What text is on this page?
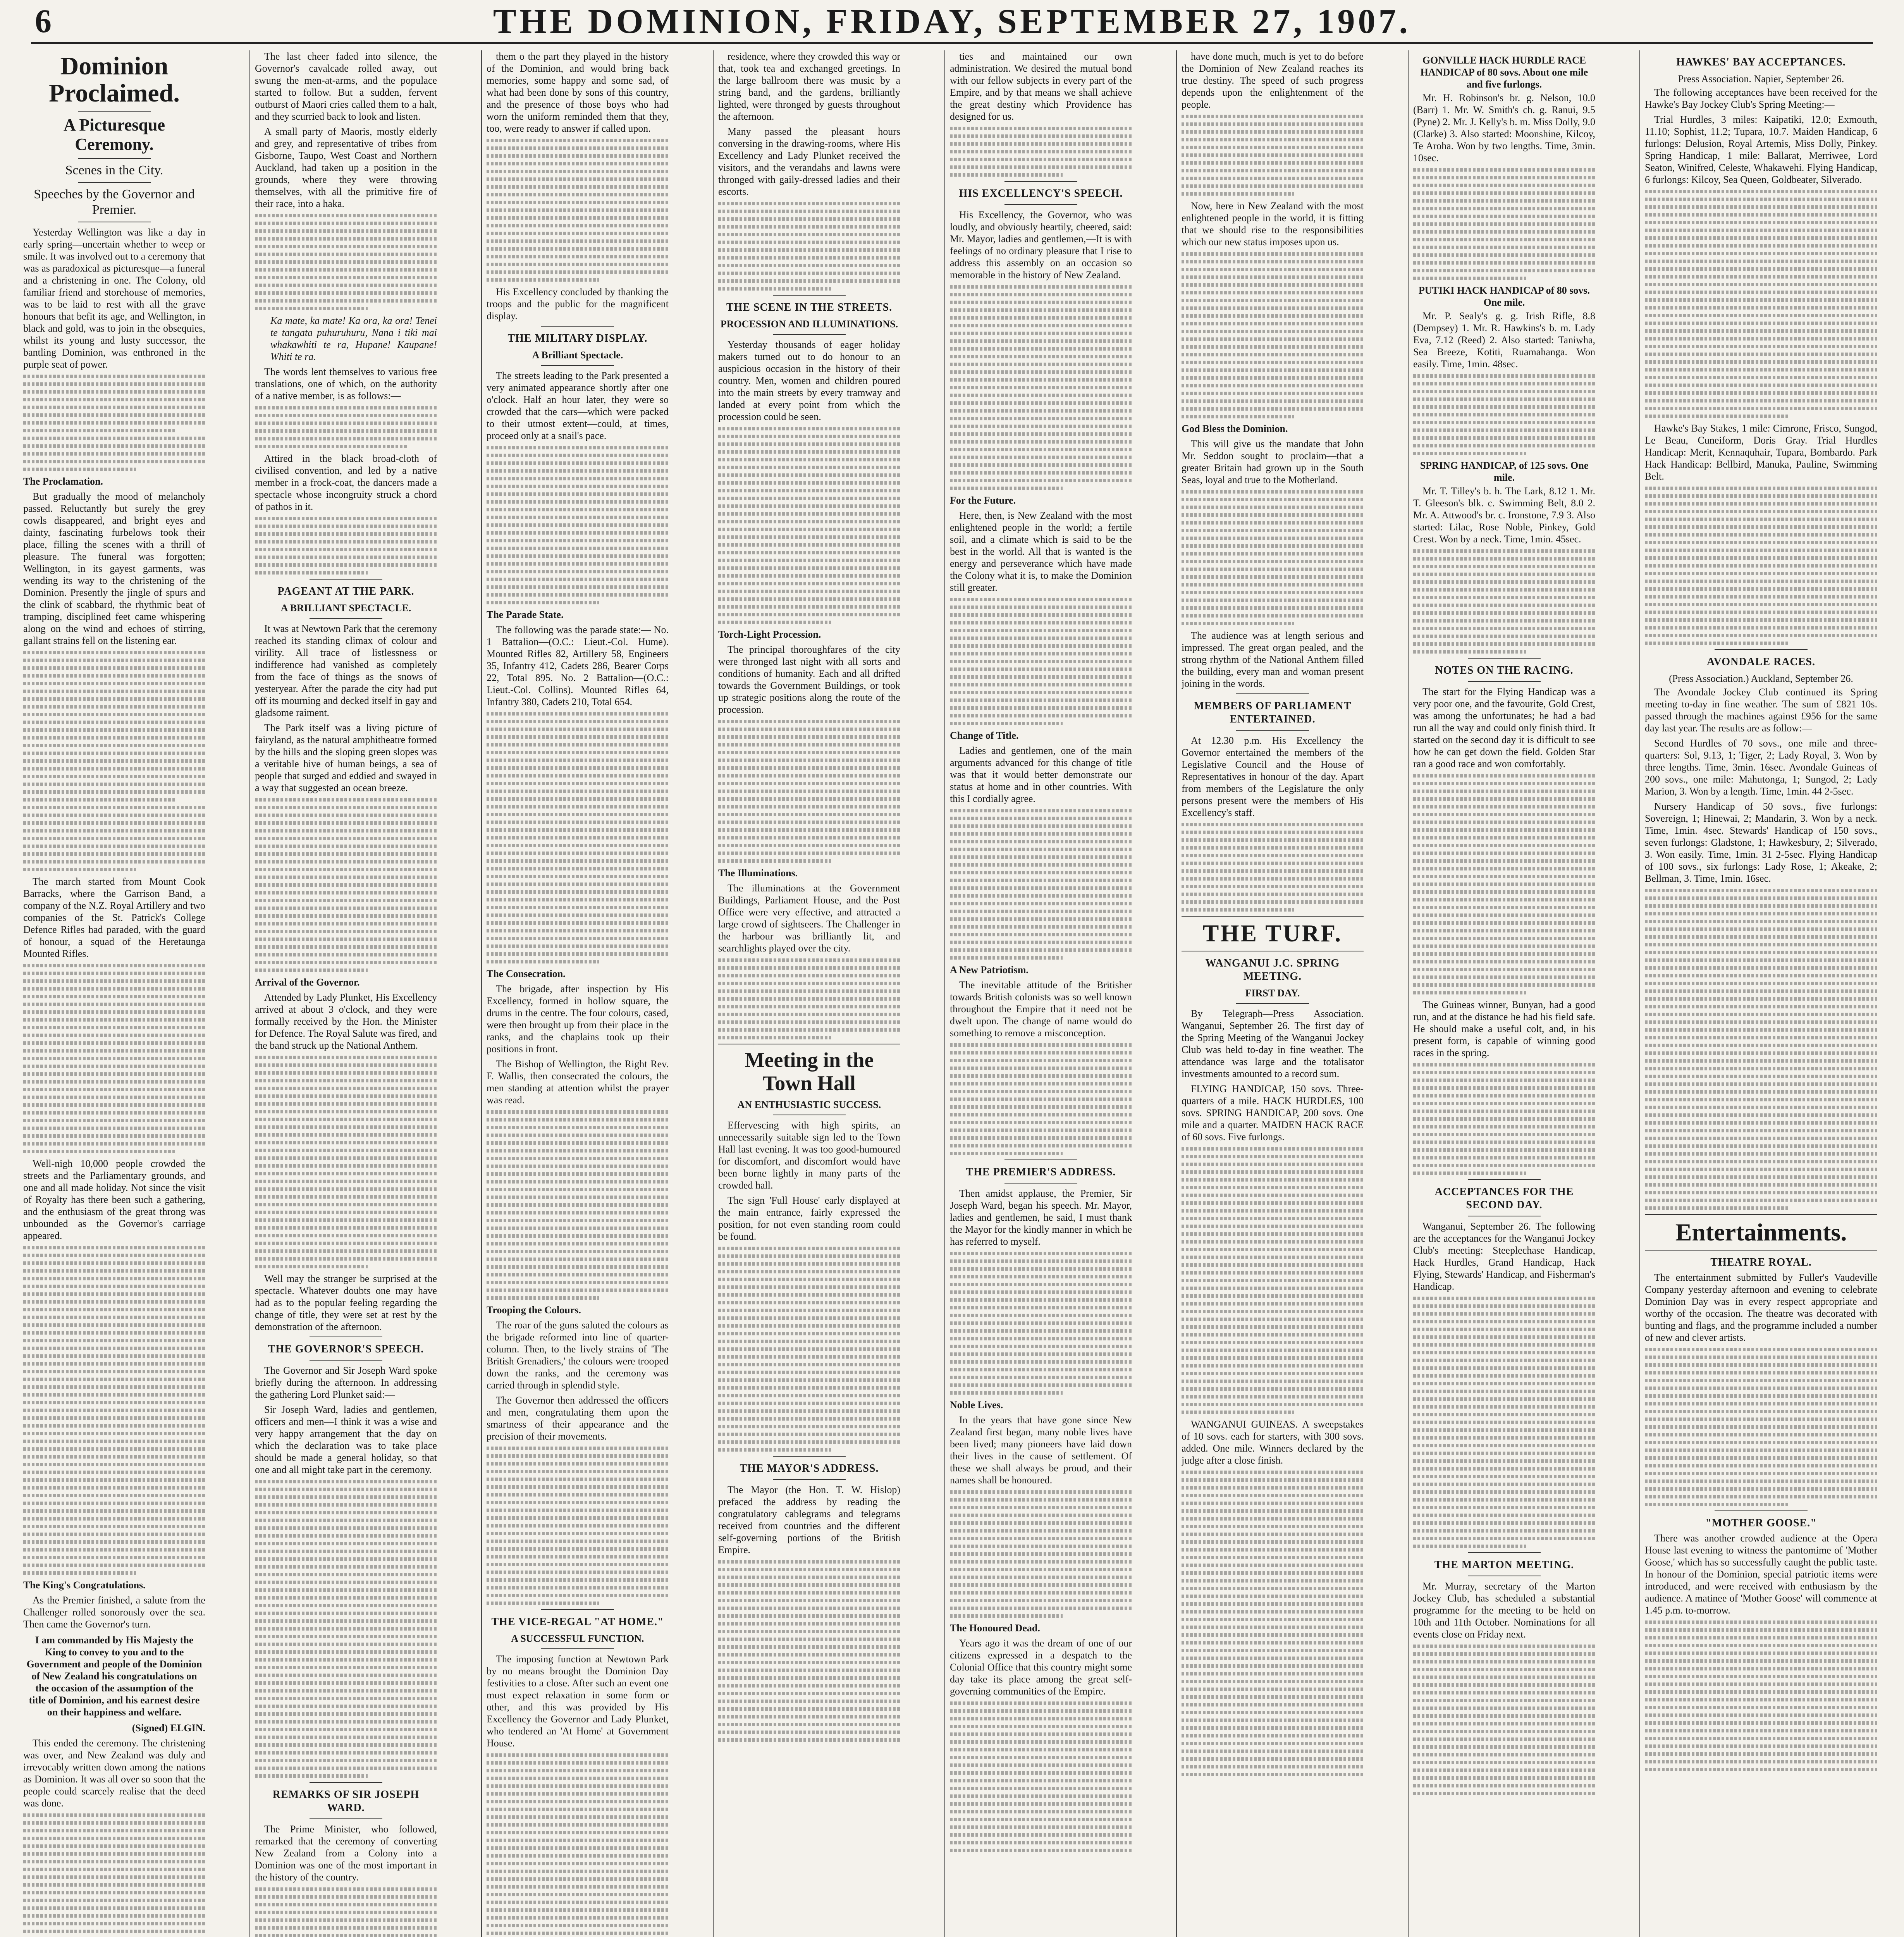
6	THE DOMINION, FRIDAY, SEPTEMBER 27, 1907.
Dominion Proclaimed.
A Picturesque Ceremony.
Scenes in the City.
Speeches by the Governor and Premier.

Yesterday Wellington was like a day in early spring—uncertain whether to weep or smile. It was involved out to a ceremony that was as paradoxical as picturesque—a funeral and a christening in one. The Colony, old familiar friend and storehouse of memories, was to be laid to rest with all the grave honours that befit its age, and Wellington, in black and gold, was to join in the obsequies, whilst its young and lusty successor, the bantling Dominion, was enthroned in the purple seat of power.

The Proclamation.

But gradually the mood of melancholy passed. Reluctantly but surely the grey cowls disappeared, and bright eyes and dainty, fascinating furbelows took their place, filling the scenes with a thrill of pleasure. The funeral was forgotten; Wellington, in its gayest garments, was wending its way to the christening of the Dominion. Presently the jingle of spurs and the clink of scabbard, the rhythmic beat of tramping, disciplined feet came whispering along on the wind and echoes of stirring, gallant strains fell on the listening ear.

The march started from Mount Cook Barracks, where the Garrison Band, a company of the N.Z. Royal Artillery and two companies of the St. Patrick's College Defence Rifles had paraded, with the guard of honour, a squad of the Heretaunga Mounted Rifles.

Well-nigh 10,000 people crowded the streets and the Parliamentary grounds, and one and all made holiday. Not since the visit of Royalty has there been such a gathering, and the enthusiasm of the great throng was unbounded as the Governor's carriage appeared.

The King's Congratulations.

As the Premier finished, a salute from the Challenger rolled sonorously over the sea. Then came the Governor's turn.

I am commanded by His Majesty the King to convey to you and to the Government and people of the Dominion of New Zealand his congratulations on the occasion of the assumption of the title of Dominion, and his earnest desire on their happiness and welfare.

(Signed) ELGIN.

This ended the ceremony. The christening was over, and New Zealand was duly and irrevocably written down among the nations as Dominion. It was all over so soon that the people could scarcely realise that the deed was done.

The last cheer faded into silence, the Governor's cavalcade rolled away, out swung the men-at-arms, and the populace started to follow. But a sudden, fervent outburst of Maori cries called them to a halt, and they scurried back to look and listen.

A small party of Maoris, mostly elderly and grey, and representative of tribes from Gisborne, Taupo, West Coast and Northern Auckland, had taken up a position in the grounds, where they were throwing themselves, with all the primitive fire of their race, into a haka.

Ka mate, ka mate! Ka ora, ka ora! Tenei te tangata puhuruhuru, Nana i tiki mai whakawhiti te ra, Hupane! Kaupane! Whiti te ra.

The words lent themselves to various free translations, one of which, on the authority of a native member, is as follows:—

Attired in the black broad-cloth of civilised convention, and led by a native member in a frock-coat, the dancers made a spectacle whose incongruity struck a chord of pathos in it.

PAGEANT AT THE PARK.
A BRILLIANT SPECTACLE.

It was at Newtown Park that the ceremony reached its standing climax of colour and virility. All trace of listlessness or indifference had vanished as completely from the face of things as the snows of yesteryear. After the parade the city had put off its mourning and decked itself in gay and gladsome raiment.

The Park itself was a living picture of fairyland, as the natural amphitheatre formed by the hills and the sloping green slopes was a veritable hive of human beings, a sea of people that surged and eddied and swayed in a way that suggested an ocean breeze.

Arrival of the Governor.

Attended by Lady Plunket, His Excellency arrived at about 3 o'clock, and they were formally received by the Hon. the Minister for Defence. The Royal Salute was fired, and the band struck up the National Anthem.

Well may the stranger be surprised at the spectacle. Whatever doubts one may have had as to the popular feeling regarding the change of title, they were set at rest by the demonstration of the afternoon.

THE GOVERNOR'S SPEECH.

The Governor and Sir Joseph Ward spoke briefly during the afternoon. In addressing the gathering Lord Plunket said:—

Sir Joseph Ward, ladies and gentlemen, officers and men—I think it was a wise and very happy arrangement that the day on which the declaration was to take place should be made a general holiday, so that one and all might take part in the ceremony.

REMARKS OF SIR JOSEPH WARD.

The Prime Minister, who followed, remarked that the ceremony of converting New Zealand from a Colony into a Dominion was one of the most important in the history of the country.

them o the part they played in the history of the Dominion, and would bring back memories, some happy and some sad, of what had been done by sons of this country, and the presence of those boys who had worn the uniform reminded them that they, too, were ready to answer if called upon.

His Excellency concluded by thanking the troops and the public for the magnificent display.

THE MILITARY DISPLAY.
A Brilliant Spectacle.

The streets leading to the Park presented a very animated appearance shortly after one o'clock. Half an hour later, they were so crowded that the cars—which were packed to their utmost extent—could, at times, proceed only at a snail's pace.

The Parade State.

The following was the parade state:— No. 1 Battalion—(O.C.: Lieut.-Col. Hume). Mounted Rifles 82, Artillery 58, Engineers 35, Infantry 412, Cadets 286, Bearer Corps 22, Total 895. No. 2 Battalion—(O.C.: Lieut.-Col. Collins). Mounted Rifles 64, Infantry 380, Cadets 210, Total 654.

The Consecration.

The brigade, after inspection by His Excellency, formed in hollow square, the drums in the centre. The four colours, cased, were then brought up from their place in the ranks, and the chaplains took up their positions in front.

The Bishop of Wellington, the Right Rev. F. Wallis, then consecrated the colours, the men standing at attention whilst the prayer was read.

Trooping the Colours.

The roar of the guns saluted the colours as the brigade reformed into line of quarter-column. Then, to the lively strains of 'The British Grenadiers,' the colours were trooped down the ranks, and the ceremony was carried through in splendid style.

The Governor then addressed the officers and men, congratulating them upon the smartness of their appearance and the precision of their movements.

THE VICE-REGAL "AT HOME."
A SUCCESSFUL FUNCTION.

The imposing function at Newtown Park by no means brought the Dominion Day festivities to a close. After such an event one must expect relaxation in some form or other, and this was provided by His Excellency the Governor and Lady Plunket, who tendered an 'At Home' at Government House.

residence, where they crowded this way or that, took tea and exchanged greetings. In the large ballroom there was music by a string band, and the gardens, brilliantly lighted, were thronged by guests throughout the afternoon.

Many passed the pleasant hours conversing in the drawing-rooms, where His Excellency and Lady Plunket received the visitors, and the verandahs and lawns were thronged with gaily-dressed ladies and their escorts.

THE SCENE IN THE STREETS.
PROCESSION AND ILLUMINATIONS.

Yesterday thousands of eager holiday makers turned out to do honour to an auspicious occasion in the history of their country. Men, women and children poured into the main streets by every tramway and landed at every point from which the procession could be seen.

Torch-Light Procession.

The principal thoroughfares of the city were thronged last night with all sorts and conditions of humanity. Each and all drifted towards the Government Buildings, or took up strategic positions along the route of the procession.

The Illuminations.

The illuminations at the Government Buildings, Parliament House, and the Post Office were very effective, and attracted a large crowd of sightseers. The Challenger in the harbour was brilliantly lit, and searchlights played over the city.

Meeting in the Town Hall
AN ENTHUSIASTIC SUCCESS.

Effervescing with high spirits, an unnecessarily suitable sign led to the Town Hall last evening. It was too good-humoured for discomfort, and discomfort would have been borne lightly in many parts of the crowded hall.

The sign 'Full House' early displayed at the main entrance, fairly expressed the position, for not even standing room could be found.

THE MAYOR'S ADDRESS.

The Mayor (the Hon. T. W. Hislop) prefaced the address by reading the congratulatory cablegrams and telegrams received from countries and the different self-governing portions of the British Empire.

ties and maintained our own administration. We desired the mutual bond with our fellow subjects in every part of the Empire, and by that means we shall achieve the great destiny which Providence has designed for us.

HIS EXCELLENCY'S SPEECH.

His Excellency, the Governor, who was loudly, and obviously heartily, cheered, said: Mr. Mayor, ladies and gentlemen,—It is with feelings of no ordinary pleasure that I rise to address this assembly on an occasion so memorable in the history of New Zealand.

For the Future.

Here, then, is New Zealand with the most enlightened people in the world; a fertile soil, and a climate which is said to be the best in the world. All that is wanted is the energy and perseverance which have made the Colony what it is, to make the Dominion still greater.

Change of Title.

Ladies and gentlemen, one of the main arguments advanced for this change of title was that it would better demonstrate our status at home and in other countries. With this I cordially agree.

A New Patriotism.

The inevitable attitude of the Britisher towards British colonists was so well known throughout the Empire that it need not be dwelt upon. The change of name would do something to remove a misconception.

THE PREMIER'S ADDRESS.

Then amidst applause, the Premier, Sir Joseph Ward, began his speech. Mr. Mayor, ladies and gentlemen, he said, I must thank the Mayor for the kindly manner in which he has referred to myself.

Noble Lives.

In the years that have gone since New Zealand first began, many noble lives have been lived; many pioneers have laid down their lives in the cause of settlement. Of these we shall always be proud, and their names shall be honoured.

The Honoured Dead.

Years ago it was the dream of one of our citizens expressed in a despatch to the Colonial Office that this country might some day take its place among the great self-governing communities of the Empire.

have done much, much is yet to do before the Dominion of New Zealand reaches its true destiny. The speed of such progress depends upon the enlightenment of the people.

Now, here in New Zealand with the most enlightened people in the world, it is fitting that we should rise to the responsibilities which our new status imposes upon us.

God Bless the Dominion.

This will give us the mandate that John Mr. Seddon sought to proclaim—that a greater Britain had grown up in the South Seas, loyal and true to the Motherland.

The audience was at length serious and impressed. The great organ pealed, and the strong rhythm of the National Anthem filled the building, every man and woman present joining in the words.

MEMBERS OF PARLIAMENT ENTERTAINED.

At 12.30 p.m. His Excellency the Governor entertained the members of the Legislative Council and the House of Representatives in honour of the day. Apart from members of the Legislature the only persons present were the members of His Excellency's staff.

THE TURF.
WANGANUI J.C. SPRING MEETING.
FIRST DAY.

By Telegraph—Press Association. Wanganui, September 26. The first day of the Spring Meeting of the Wanganui Jockey Club was held to-day in fine weather. The attendance was large and the totalisator investments amounted to a record sum.

FLYING HANDICAP, 150 sovs. Three-quarters of a mile. HACK HURDLES, 100 sovs. SPRING HANDICAP, 200 sovs. One mile and a quarter. MAIDEN HACK RACE of 60 sovs. Five furlongs.

WANGANUI GUINEAS. A sweepstakes of 10 sovs. each for starters, with 300 sovs. added. One mile. Winners declared by the judge after a close finish.

GONVILLE HACK HURDLE RACE HANDICAP of 80 sovs. About one mile and five furlongs.

Mr. H. Robinson's br. g. Nelson, 10.0 (Barr) 1. Mr. W. Smith's ch. g. Ranui, 9.5 (Pyne) 2. Mr. J. Kelly's b. m. Miss Dolly, 9.0 (Clarke) 3. Also started: Moonshine, Kilcoy, Te Aroha. Won by two lengths. Time, 3min. 10sec.

PUTIKI HACK HANDICAP of 80 sovs. One mile.

Mr. P. Sealy's g. g. Irish Rifle, 8.8 (Dempsey) 1. Mr. R. Hawkins's b. m. Lady Eva, 7.12 (Reed) 2. Also started: Taniwha, Sea Breeze, Kotiti, Ruamahanga. Won easily. Time, 1min. 48sec.

SPRING HANDICAP, of 125 sovs. One mile.

Mr. T. Tilley's b. h. The Lark, 8.12 1. Mr. T. Gleeson's blk. c. Swimming Belt, 8.0 2. Mr. A. Attwood's br. c. Ironstone, 7.9 3. Also started: Lilac, Rose Noble, Pinkey, Gold Crest. Won by a neck. Time, 1min. 45sec.

NOTES ON THE RACING.

The start for the Flying Handicap was a very poor one, and the favourite, Gold Crest, was among the unfortunates; he had a bad run all the way and could only finish third. It started on the second day it is difficult to see how he can get down the field. Golden Star ran a good race and won comfortably.

The Guineas winner, Bunyan, had a good run, and at the distance he had his field safe. He should make a useful colt, and, in his present form, is capable of winning good races in the spring.

ACCEPTANCES FOR THE SECOND DAY.

Wanganui, September 26. The following are the acceptances for the Wanganui Jockey Club's meeting: Steeplechase Handicap, Hack Hurdles, Grand Handicap, Hack Flying, Stewards' Handicap, and Fisherman's Handicap.

THE MARTON MEETING.

Mr. Murray, secretary of the Marton Jockey Club, has scheduled a substantial programme for the meeting to be held on 10th and 11th October. Nominations for all events close on Friday next.

HAWKES' BAY ACCEPTANCES.
Press Association. Napier, September 26.

The following acceptances have been received for the Hawke's Bay Jockey Club's Spring Meeting:—

Trial Hurdles, 3 miles: Kaipatiki, 12.0; Exmouth, 11.10; Sophist, 11.2; Tupara, 10.7. Maiden Handicap, 6 furlongs: Delusion, Royal Artemis, Miss Dolly, Pinkey. Spring Handicap, 1 mile: Ballarat, Merriwee, Lord Seaton, Winifred, Celeste, Whakawehi. Flying Handicap, 6 furlongs: Kilcoy, Sea Queen, Goldbeater, Silverado.

Hawke's Bay Stakes, 1 mile: Cimrone, Frisco, Sungod, Le Beau, Cuneiform, Doris Gray. Trial Hurdles Handicap: Merit, Kennaquhair, Tupara, Bombardo. Park Hack Handicap: Bellbird, Manuka, Pauline, Swimming Belt.

AVONDALE RACES.
(Press Association.) Auckland, September 26.

The Avondale Jockey Club continued its Spring meeting to-day in fine weather. The sum of £821 10s. passed through the machines against £956 for the same day last year. The results are as follow:—

Second Hurdles of 70 sovs., one mile and three-quarters: Sol, 9.13, 1; Tiger, 2; Lady Royal, 3. Won by three lengths. Time, 3min. 16sec. Avondale Guineas of 200 sovs., one mile: Mahutonga, 1; Sungod, 2; Lady Marion, 3. Won by a length. Time, 1min. 44 2-5sec.

Nursery Handicap of 50 sovs., five furlongs: Sovereign, 1; Hinewai, 2; Mandarin, 3. Won by a neck. Time, 1min. 4sec. Stewards' Handicap of 150 sovs., seven furlongs: Gladstone, 1; Hawkesbury, 2; Silverado, 3. Won easily. Time, 1min. 31 2-5sec. Flying Handicap of 100 sovs., six furlongs: Lady Rose, 1; Akeake, 2; Bellman, 3. Time, 1min. 16sec.

Entertainments.
THEATRE ROYAL.

The entertainment submitted by Fuller's Vaudeville Company yesterday afternoon and evening to celebrate Dominion Day was in every respect appropriate and worthy of the occasion. The theatre was decorated with bunting and flags, and the programme included a number of new and clever artists.

"MOTHER GOOSE."

There was another crowded audience at the Opera House last evening to witness the pantomime of 'Mother Goose,' which has so successfully caught the public taste. In honour of the Dominion, special patriotic items were introduced, and were received with enthusiasm by the audience. A matinee of 'Mother Goose' will commence at 1.45 p.m. to-morrow.
